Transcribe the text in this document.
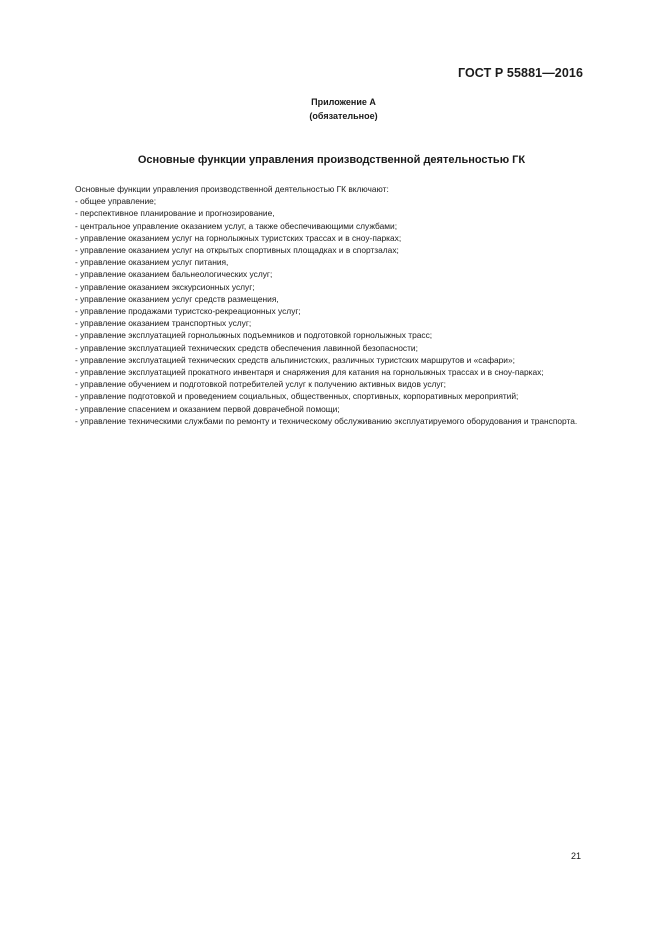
ГОСТ Р 55881—2016
Приложение А
(обязательное)
Основные функции управления производственной деятельностью ГК

Основные функции управления производственной деятельностью ГК включают:

- общее управление;

- перспективное планирование и прогнозирование,

- центральное управление оказанием услуг, а также обеспечивающими службами;

- управление оказанием услуг на горнолыжных туристских трассах и в сноу-парках;

- управление оказанием услуг на открытых спортивных площадках и в спортзалах;

- управление оказанием услуг питания,

- управление оказанием бальнеологических услуг;

- управление оказанием экскурсионных услуг;

- управление оказанием услуг средств размещения,

- управление продажами туристско-рекреационных услуг;

- управление оказанием транспортных услуг;

- управление эксплуатацией горнолыжных подъемников и подготовкой горнолыжных трасс;

- управление эксплуатацией технических средств обеспечения лавинной безопасности;

- управление эксплуатацией технических средств альпинистских, различных туристских маршрутов и «сафари»;

- управление эксплуатацией прокатного инвентаря и снаряжения для катания на горнолыжных трассах и в сноу-парках;

- управление обучением и подготовкой потребителей услуг к получению активных видов услуг;

- управление подготовкой и проведением социальных, общественных, спортивных, корпоративных мероприятий;

- управление спасением и оказанием первой доврачебной помощи;

- управление техническими службами по ремонту и техническому обслуживанию эксплуатируемого оборудования и транспорта.

21
